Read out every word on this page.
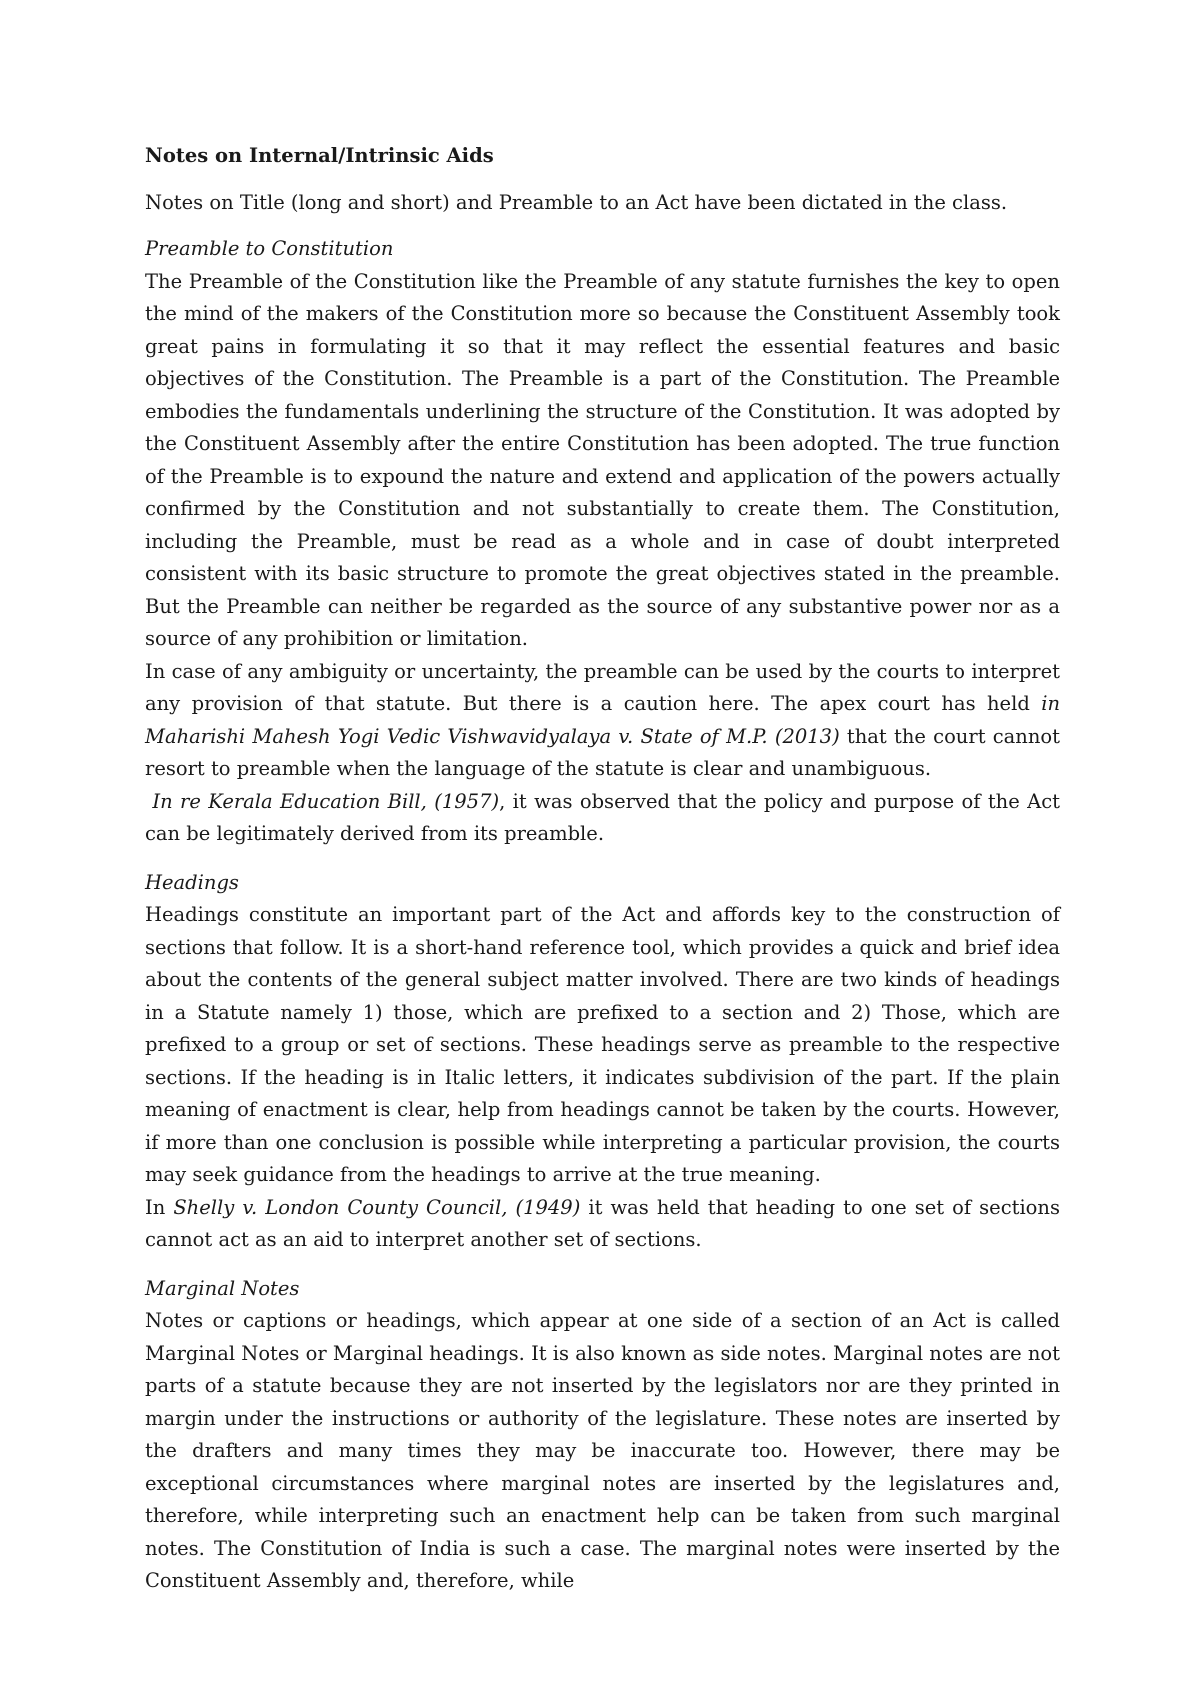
Notes on Internal/Intrinsic Aids

Notes on Title (long and short) and Preamble to an Act have been dictated in the class.

Preamble to Constitution

The Preamble of the Constitution like the Preamble of any statute furnishes the key to open the mind of the makers of the Constitution more so because the Constituent Assembly took great pains in formulating it so that it may reflect the essential features and basic objectives of the Constitution. The Preamble is a part of the Constitution. The Preamble embodies the fundamentals underlining the structure of the Constitution. It was adopted by the Constituent Assembly after the entire Constitution has been adopted. The true function of the Preamble is to expound the nature and extend and application of the powers actually confirmed by the Constitution and not substantially to create them. The Constitution, including the Preamble, must be read as a whole and in case of doubt interpreted consistent with its basic structure to promote the great objectives stated in the preamble. But the Preamble can neither be regarded as the source of any substantive power nor as a source of any prohibition or limitation.

In case of any ambiguity or uncertainty, the preamble can be used by the courts to interpret any provision of that statute. But there is a caution here. The apex court has held in Maharishi Mahesh Yogi Vedic Vishwavidyalaya v. State of M.P. (2013) that the court cannot resort to preamble when the language of the statute is clear and unambiguous.

In re Kerala Education Bill, (1957), it was observed that the policy and purpose of the Act can be legitimately derived from its preamble.

Headings

Headings constitute an important part of the Act and affords key to the construction of sections that follow. It is a short-hand reference tool, which provides a quick and brief idea about the contents of the general subject matter involved. There are two kinds of headings in a Statute namely 1) those, which are prefixed to a section and 2) Those, which are prefixed to a group or set of sections. These headings serve as preamble to the respective sections. If the heading is in Italic letters, it indicates subdivision of the part. If the plain meaning of enactment is clear, help from headings cannot be taken by the courts. However, if more than one conclusion is possible while interpreting a particular provision, the courts may seek guidance from the headings to arrive at the true meaning.

In Shelly v. London County Council, (1949) it was held that heading to one set of sections cannot act as an aid to interpret another set of sections.

Marginal Notes

Notes or captions or headings, which appear at one side of a section of an Act is called Marginal Notes or Marginal headings. It is also known as side notes. Marginal notes are not parts of a statute because they are not inserted by the legislators nor are they printed in margin under the instructions or authority of the legislature. These notes are inserted by the drafters and many times they may be inaccurate too. However, there may be exceptional circumstances where marginal notes are inserted by the legislatures and, therefore, while interpreting such an enactment help can be taken from such marginal notes. The Constitution of India is such a case. The marginal notes were inserted by the Constituent Assembly and, therefore, while
